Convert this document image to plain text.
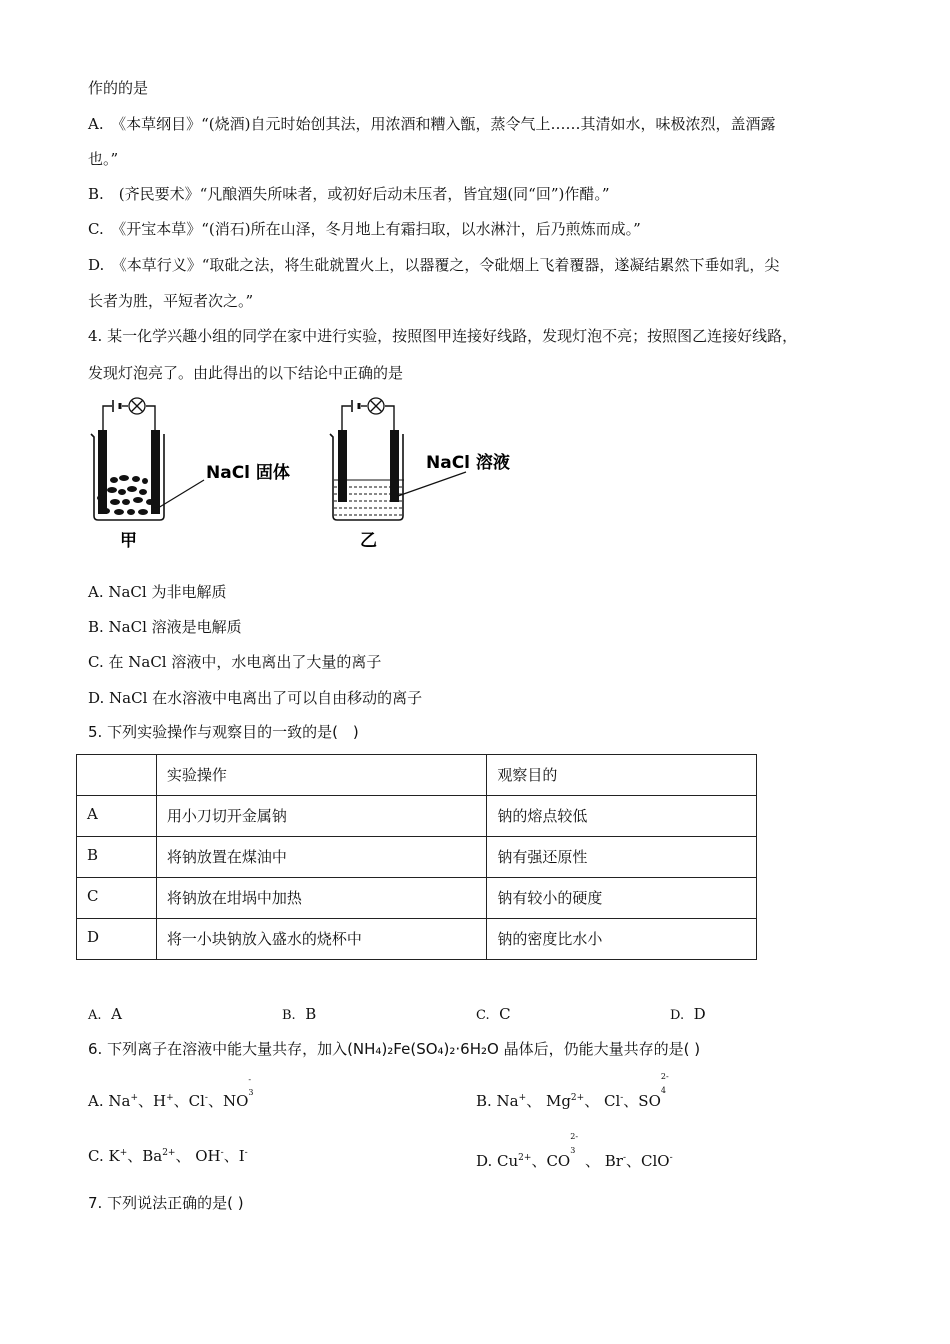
作的的是
A.　《本草纲目》“(烧酒)自元时始创其法，用浓酒和糟入甑，蒸令气上……其清如水，味极浓烈，盖酒露
也。”
B.　(齐民要术》“凡酿酒失所味者，或初好后动未压者，皆宜翅(同“回”)作醋。”
C.　《开宝本草》“(消石)所在山泽，冬月地上有霜扫取，以水淋汁，后乃煎炼而成。”
D.　《本草行义》“取砒之法，将生砒就置火上，以器覆之，令砒烟上飞着覆器，遂凝结累然下垂如乳，尖
长者为胜，平短者次之。”
4. 某一化学兴趣小组的同学在家中进行实验，按照图甲连接好线路，发现灯泡不亮；按照图乙连接好线路，
发现灯泡亮了。由此得出的以下结论中正确的是
NaCl 固体
甲
NaCl 溶液
乙
A. NaCl 为非电解质
B. NaCl 溶液是电解质
C. 在 NaCl 溶液中，水电离出了大量的离子
D. NaCl 在水溶液中电离出了可以自由移动的离子
5. 下列实验操作与观察目的一致的是(　)
	实验操作	观察目的
A	用小刀切开金属钠	钠的熔点较低
B	将钠放置在煤油中	钠有强还原性
C	将钠放在坩埚中加热	钠有较小的硬度
D	将一小块钠放入盛水的烧杯中	钠的密度比水小
A. A	B. B	C. C	D. D
6. 下列离子在溶液中能大量共存，加入(NH₄)₂Fe(SO₄)₂·6H₂O 晶体后，仍能大量共存的是( )
A. Na+、H+、Cl-、NO
-
3	B. Na+、 $Mg^{2+}$、 Cl-、SO
2-
4
C. K+、$Ba^{2+}$、 OH-、I-	D. $Cu^{2+}$、CO
2-
3
、 Br-、ClO-
7. 下列说法正确的是( )
